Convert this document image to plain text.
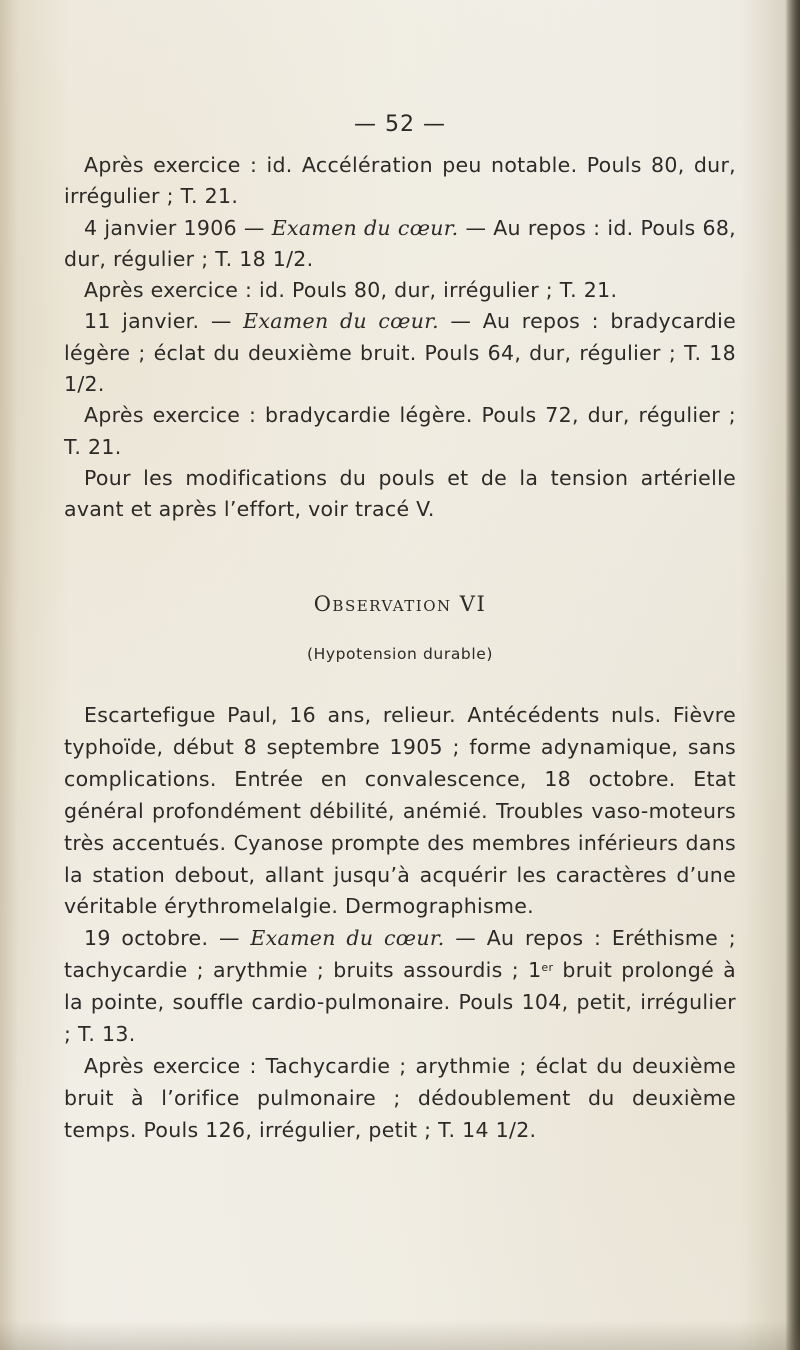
— 52 —

Après exercice : id. Accélération peu notable. Pouls 80, dur, irrégulier ; T. 21.

4 janvier 1906 — Examen du cœur. — Au repos : id. Pouls 68, dur, régulier ; T. 18 1/2.

Après exercice : id. Pouls 80, dur, irrégulier ; T. 21.

11 janvier. — Examen du cœur. — Au repos : bradycardie légère ; éclat du deuxième bruit. Pouls 64, dur, régulier ; T. 18 1/2.

Après exercice : bradycardie légère. Pouls 72, dur, régulier ; T. 21.

Pour les modifications du pouls et de la tension artérielle avant et après l’effort, voir tracé V.

Observation VI
(Hypotension durable)

Escartefigue Paul, 16 ans, relieur. Antécédents nuls. Fièvre typhoïde, début 8 septembre 1905 ; forme adynamique, sans complications. Entrée en convalescence, 18 octobre. Etat général profondément débilité, anémié. Troubles vaso-moteurs très accentués. Cyanose prompte des membres inférieurs dans la station debout, allant jusqu’à acquérir les caractères d’une véritable érythromelalgie. Dermographisme.

19 octobre. — Examen du cœur. — Au repos : Eréthisme ; tachycardie ; arythmie ; bruits assourdis ; 1er bruit prolongé à la pointe, souffle cardio-pulmonaire. Pouls 104, petit, irrégulier ; T. 13.

Après exercice : Tachycardie ; arythmie ; éclat du deuxième bruit à l’orifice pulmonaire ; dédoublement du deuxième temps. Pouls 126, irrégulier, petit ; T. 14 1/2.
